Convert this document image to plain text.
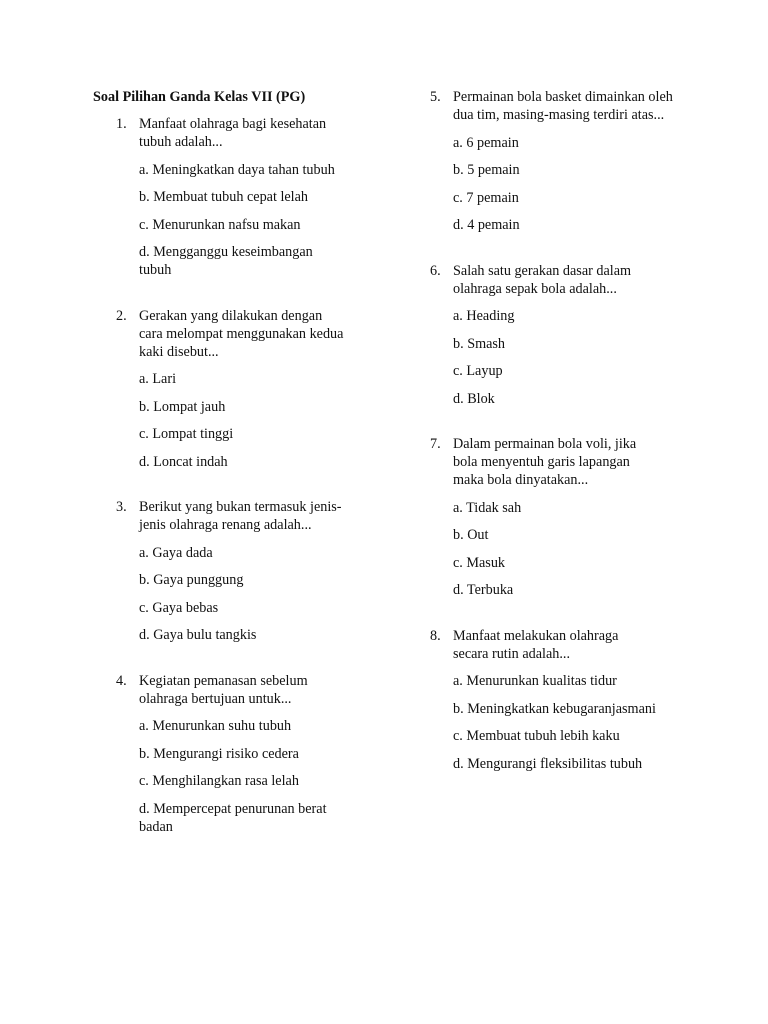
Soal Pilihan Ganda Kelas VII (PG)
1. Manfaat olahraga bagi kesehatan tubuh adalah...
a. Meningkatkan daya tahan tubuh
b. Membuat tubuh cepat lelah
c. Menurunkan nafsu makan
d. Mengganggu keseimbangan tubuh
2. Gerakan yang dilakukan dengan cara melompat menggunakan kedua kaki disebut...
a. Lari
b. Lompat jauh
c. Lompat tinggi
d. Loncat indah
3. Berikut yang bukan termasuk jenis-jenis olahraga renang adalah...
a. Gaya dada
b. Gaya punggung
c. Gaya bebas
d. Gaya bulu tangkis
4. Kegiatan pemanasan sebelum olahraga bertujuan untuk...
a. Menurunkan suhu tubuh
b. Mengurangi risiko cedera
c. Menghilangkan rasa lelah
d. Mempercepat penurunan berat badan
5. Permainan bola basket dimainkan oleh dua tim, masing-masing terdiri atas...
a. 6 pemain
b. 5 pemain
c. 7 pemain
d. 4 pemain
6. Salah satu gerakan dasar dalam olahraga sepak bola adalah...
a. Heading
b. Smash
c. Layup
d. Blok
7. Dalam permainan bola voli, jika bola menyentuh garis lapangan maka bola dinyatakan...
a. Tidak sah
b. Out
c. Masuk
d. Terbuka
8. Manfaat melakukan olahraga secara rutin adalah...
a. Menurunkan kualitas tidur
b. Meningkatkan kebugaranjasmani
c. Membuat tubuh lebih kaku
d. Mengurangi fleksibilitas tubuh
